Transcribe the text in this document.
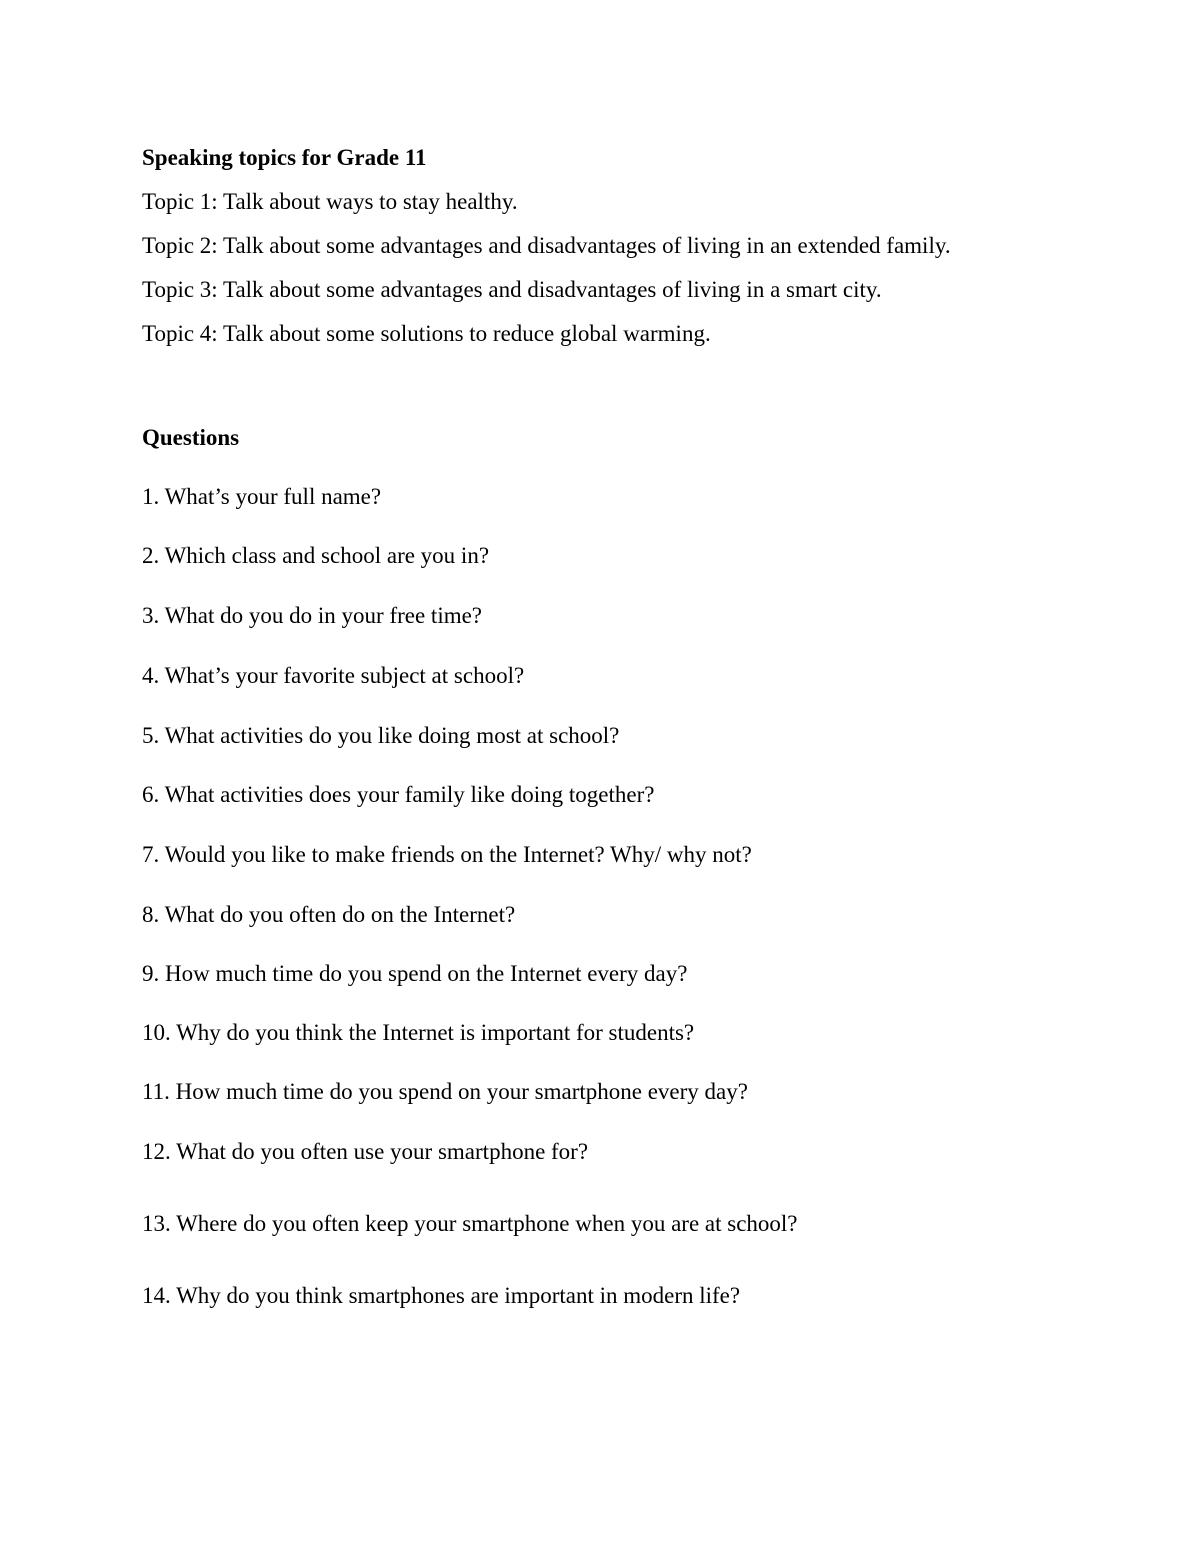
Speaking topics for Grade 11
Topic 1: Talk about ways to stay healthy.
Topic 2: Talk about some advantages and disadvantages of living in an extended family.
Topic 3: Talk about some advantages and disadvantages of living in a smart city.
Topic 4: Talk about some solutions to reduce global warming.
Questions
1. What’s your full name?
2. Which class and school are you in?
3. What do you do in your free time?
4. What’s your favorite subject at school?
5. What activities do you like doing most at school?
6. What activities does your family like doing together?
7. Would you like to make friends on the Internet? Why/ why not?
8. What do you often do on the Internet?
9. How much time do you spend on the Internet every day?
10. Why do you think the Internet is important for students?
11. How much time do you spend on your smartphone every day?
12. What do you often use your smartphone for?
13. Where do you often keep your smartphone when you are at school?
14. Why do you think smartphones are important in modern life?
